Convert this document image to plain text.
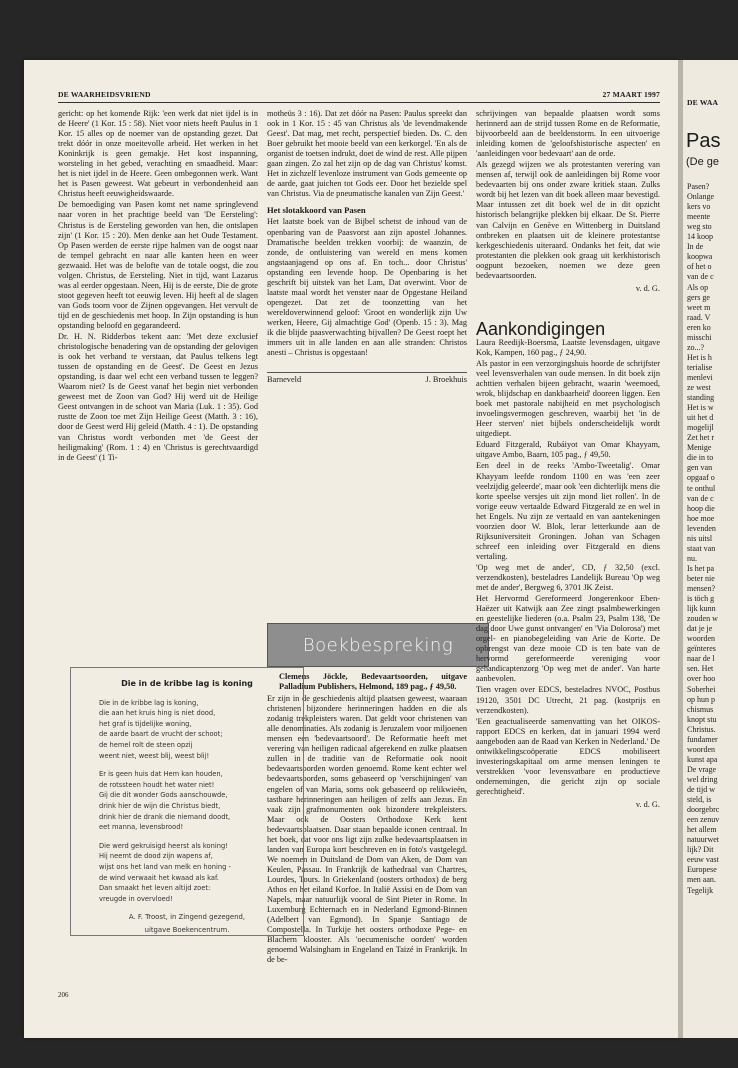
DE WAARHEIDSVRIEND	27 MAART 1997

gericht: op het komende Rijk: 'een werk dat niet ijdel is in de Heere' (1 Kor. 15 : 58). Niet voor niets heeft Paulus in 1 Kor. 15 alles op de noemer van de opstanding gezet. Dat trekt dóór in onze moeitevolle arbeid. Het werken in het Koninkrijk is geen gemakje. Het kost inspanning, worsteling in het gebed, verachting en smaadheid. Maar: het is niet ijdel in de Heere. Geen ombegonnen werk. Want het is Pasen geweest. Wat gebeurt in verbondenheid aan Christus heeft eeuwigheidswaarde.

De bemoediging van Pasen komt net name springlevend naar voren in het prachtige beeld van 'De Eersteling': Christus is de Eersteling geworden van hen, die ontslapen zijn' (1 Kor. 15 : 20). Men denke aan het Oude Testament. Op Pasen werden de eerste rijpe halmen van de oogst naar de tempel gebracht en naar alle kanten heen en weer gezwaaid. Het was de belofte van de totale oogst, die zou volgen. Christus, de Eersteling. Niet in tijd, want Lazarus was al eerder opgestaan. Neen, Hij is de eerste, Die de grote stoot gegeven heeft tot eeuwig leven. Hij heeft al de slagen van Gods toorn voor de Zijnen opgevangen. Het vervult de tijd en de geschiedenis met hoop. In Zijn opstanding is hun opstanding beloofd en gegarandeerd.

Dr. H. N. Ridderbos tekent aan: 'Met deze exclusief christologische benadering van de opstanding der gelovigen is ook het verband te verstaan, dat Paulus telkens legt tussen de opstanding en de Geest'. De Geest en Jezus opstanding, is daar wel echt een verband tussen te leggen? Waarom niet? Is de Geest vanaf het begin niet verbonden geweest met de Zoon van God? Hij werd uit de Heilige Geest ontvangen in de schoot van Maria (Luk. 1 : 35). God rustte de Zoon toe met Zijn Heilige Geest (Matth. 3 : 16), door de Geest werd Hij geleid (Matth. 4 : 1). De opstanding van Christus wordt verbonden met 'de Geest der heiligmaking' (Rom. 1 : 4) en 'Christus is gerechtvaardigd in de Geest' (1 Ti-

motheüs 3 : 16). Dat zet dóór na Pasen: Paulus spreekt dan ook in 1 Kor. 15 : 45 van Christus als 'de levendmakende Geest'. Dat mag, met recht, perspectief bieden. Ds. C. den Boer gebruikt het mooie beeld van een kerkorgel. 'En als de organist de toetsen indrukt, doet de wind de rest. Alle pijpen gaan zingen. Zo zal het zijn op de dag van Christus' komst. Het in zichzelf levenloze instrument van Gods gemeente op de aarde, gaat juichen tot Gods eer. Door het bezielde spel van Christus. Via de pneumatische kanalen van Zijn Geest.'

Het slotakkoord van Pasen

Het laatste boek van de Bijbel schetst de inhoud van de openbaring van de Paasvorst aan zijn apostel Johannes. Dramatische beelden trekken voorbij: de waanzin, de zonde, de ontluistering van wereld en mens komen angstaanjagend op ons af. En toch... door Christus' opstanding een levende hoop. De Openbaring is het geschrift bij uitstek van het Lam, Dat overwint. Voor de laatste maal wordt het venster naar de Opgestane Heiland opengezet. Dat zet de toonzetting van het wereldoverwinnend geloof: 'Groot en wonderlijk zijn Uw werken, Heere, Gij almachtige God' (Openb. 15 : 3). Mag ik die blijde paasverwachting bijvallen? De Geest roept het immers uit in alle landen en aan alle stranden: Christos anesti – Christus is opgestaan!

Barneveld	J. Broekhuis
Boekbespreking

Clemens Jöckle, Bedevaartsoorden, uitgave Palladium Publishers, Helmond, 189 pag., ƒ 49,50.

Er zijn in de geschiedenis altijd plaatsen geweest, waaraan christenen bijzondere herinneringen hadden en die als zodanig trekpleisters waren. Dat geldt voor christenen van alle denominaties. Als zodanig is Jeruzalem voor miljoenen mensen een 'bedevaartsoord'. De Reformatie heeft met verering van heiligen radicaal afgerekend en zulke plaatsen zullen in de traditie van de Reformatie ook nooit bedevaartsoorden worden genoemd. Rome kent echter wel bedevaartsoorden, soms gebaseerd op 'verschijningen' van engelen of van Maria, soms ook gebaseerd op relikwieën, tastbare herinneringen aan heiligen of zelfs aan Jezus. En vaak zijn grafmonumenten ook bizondere trekpleisters. Maar ook de Oosters Orthodoxe Kerk kent bedevaartsplaatsen. Daar staan bepaalde iconen centraal. In het boek, dat voor ons ligt zijn zulke bedevaartsplaatsen in landen van Europa kort beschreven en in foto's vastgelegd. We noemen in Duitsland de Dom van Aken, de Dom van Keulen, Passau. In Frankrijk de kathedraal van Chartres, Lourdes, Tours. In Griekenland (oosters orthodox) de berg Athos en het eiland Korfoe. In Italië Assisi en de Dom van Napels, maar natuurlijk vooral de Sint Pieter in Rome. In Luxemburg Echternach en in Nederland Egmond-Binnen (Adelbert van Egmond). In Spanje Santiago de Compostella. In Turkije het oosters orthodoxe Pege- en Blachern klooster. Als 'oecumenische oorden' worden genoemd Walsingham in Engeland en Taizé in Frankrijk. In de be-

schrijvingen van bepaalde plaatsen wordt soms herinnerd aan de strijd tussen Rome en de Reformatie, bijvoorbeeld aan de beeldenstorm. In een uitvoerige inleiding komen de 'geloofshistorische aspecten' en 'aanleidingen voor bedevaart' aan de orde.

Als gezegd wijzen we als protestanten verering van mensen af, terwijl ook de aanleidingen bij Rome voor bedevaarten bij ons onder zware kritiek staan. Zulks wordt bij het lezen van dit boek alleen maar bevestigd. Maar intussen zet dit boek wel de in dit opzicht historisch belangrijke plekken bij elkaar. De St. Pierre van Calvijn en Genève en Wittenberg in Duitsland ontbreken en plaatsen uit de kleinere protestantse kerkgeschiedenis uiteraard. Ondanks het feit, dat wie protestanten die plekken ook graag uit kerkhistorisch oogpunt bezoeken, noemen we deze geen bedevaartsoorden.

v. d. G.
Aankondigingen

Laura Reedijk-Boersma, Laatste levensdagen, uitgave Kok, Kampen, 160 pag., ƒ 24,90.

Als pastor in een verzorgingshuis hoorde de schrijfster veel levensverhalen van oude mensen. In dit boek zijn achttien verhalen bijeen gebracht, waarin 'weemoed, wrok, blijdschap en dankbaarheid' dooreen liggen. Een boek met pastorale nabijheid en met psychologisch invoelingsvermogen geschreven, waarbij het 'in de Heer sterven' niet bijbels onderscheidelijk wordt uitgediept.

Eduard Fitzgerald, Rubáiyot van Omar Khayyam, uitgave Ambo, Baarn, 105 pag., ƒ 49,50.

Een deel in de reeks 'Ambo-Tweetalig'. Omar Khayyam leefde rondom 1100 en was 'een zeer veelzijdig geleerde', maar ook 'een dichterlijk mens die korte speelse versjes uit zijn mond liet rollen'. In de vorige eeuw vertaalde Edward Fitzgerald ze en wel in het Engels. Nu zijn ze vertaald en van aantekeningen voorzien door W. Blok, lerar letterkunde aan de Rijksuniversiteit Groningen. Johan van Schagen schreef een inleiding over Fitzgerald en diens vertaling.

'Op weg met de ander', CD, ƒ 32,50 (excl. verzendkosten), besteladres Landelijk Bureau 'Op weg met de ander', Bergweg 6, 3701 JK Zeist.

Het Hervormd Gereformeerd Jongerenkoor Eben-Haëzer uit Katwijk aan Zee zingt psalmbewerkingen en geestelijke liederen (o.a. Psalm 23, Psalm 138, 'De dag door Uwe gunst ontvangen' en 'Via Dolorosa') met orgel- en pianobegeleiding van Arie de Korte. De opbrengst van deze mooie CD is ten bate van de hervormd gereformeerde vereniging voor gehandicaptenzorg 'Op weg met de ander'. Van harte aanbevolen.

Tien vragen over EDCS, besteladres NVOC, Postbus 19120, 3501 DC Utrecht, 21 pag. (kostprijs en verzendkosten).

'Een geactualiseerde samenvatting van het OIKOS-rapport EDCS en kerken, dat in januari 1994 werd aangeboden aan de Raad van Kerken in Nederland.' De ontwikkelingscoöperatie EDCS mobiliseert investeringskapitaal om arme mensen leningen te verstrekken 'voor levensvatbare en productieve ondernemingen, die gericht zijn op sociale gerechtigheid'.

v. d. G.
Die in de kribbe lag is koning
Die in de kribbe lag is koning,
die aan het kruis hing is niet dood,
het graf is tijdelijke woning,
de aarde baart de vrucht der schoot;
de hemel rolt de steen opzij
weent niet, weest blij, weest blij!
Er is geen huis dat Hem kan houden,
de rotssteen houdt het water niet!
Gij die dit wonder Gods aanschouwde,
drink hier de wijn die Christus biedt,
drink hier de drank die niemand doodt,
eet manna, levensbrood!
Die werd gekruisigd heerst als koning!
Hij neemt de dood zijn wapens af,
wijst ons het land van melk en honing -
de wind verwaait het kwaad als kaf.
Dan smaakt het leven altijd zoet:
vreugde in overvloed!
A. F. Troost, in Zingend gezegend,
uitgave Boekencentrum.
206
DE WAA
Pas
(De ge
Pasen?
Onlange
kers vo
meente
weg sto
14 koop
In de
koopwa
of het o
van de c
Als op
gers ge
weet m
raad. V
eren ko
misschi
zo...?
Het is h
terialise
menlevi
ze west
standing
Het is w
uit het d
mogelijl
Zet het r
Menige
die in to
gen van
opgaaf o
te onthul
van de c
hoop die
hoe moe
levenden
nis uitsl
staat van
nu.
Is het pa
beter nie
mensen?
is töch g
lijk kunn
zouden w
dat je je
woorden
geïnteres
naar de l
sen. Het
over hoo
Soberhei
op hun p
chismus
knopt stu
Christus.
fundamer
woorden
kunst apa
De vrage
wel dring
de tijd w
steld, is
doorgebrc
een zenuv
het allem
natuurwet
lijk? Dit
eeuw vast
Europese
men aan.
Tegelijk
